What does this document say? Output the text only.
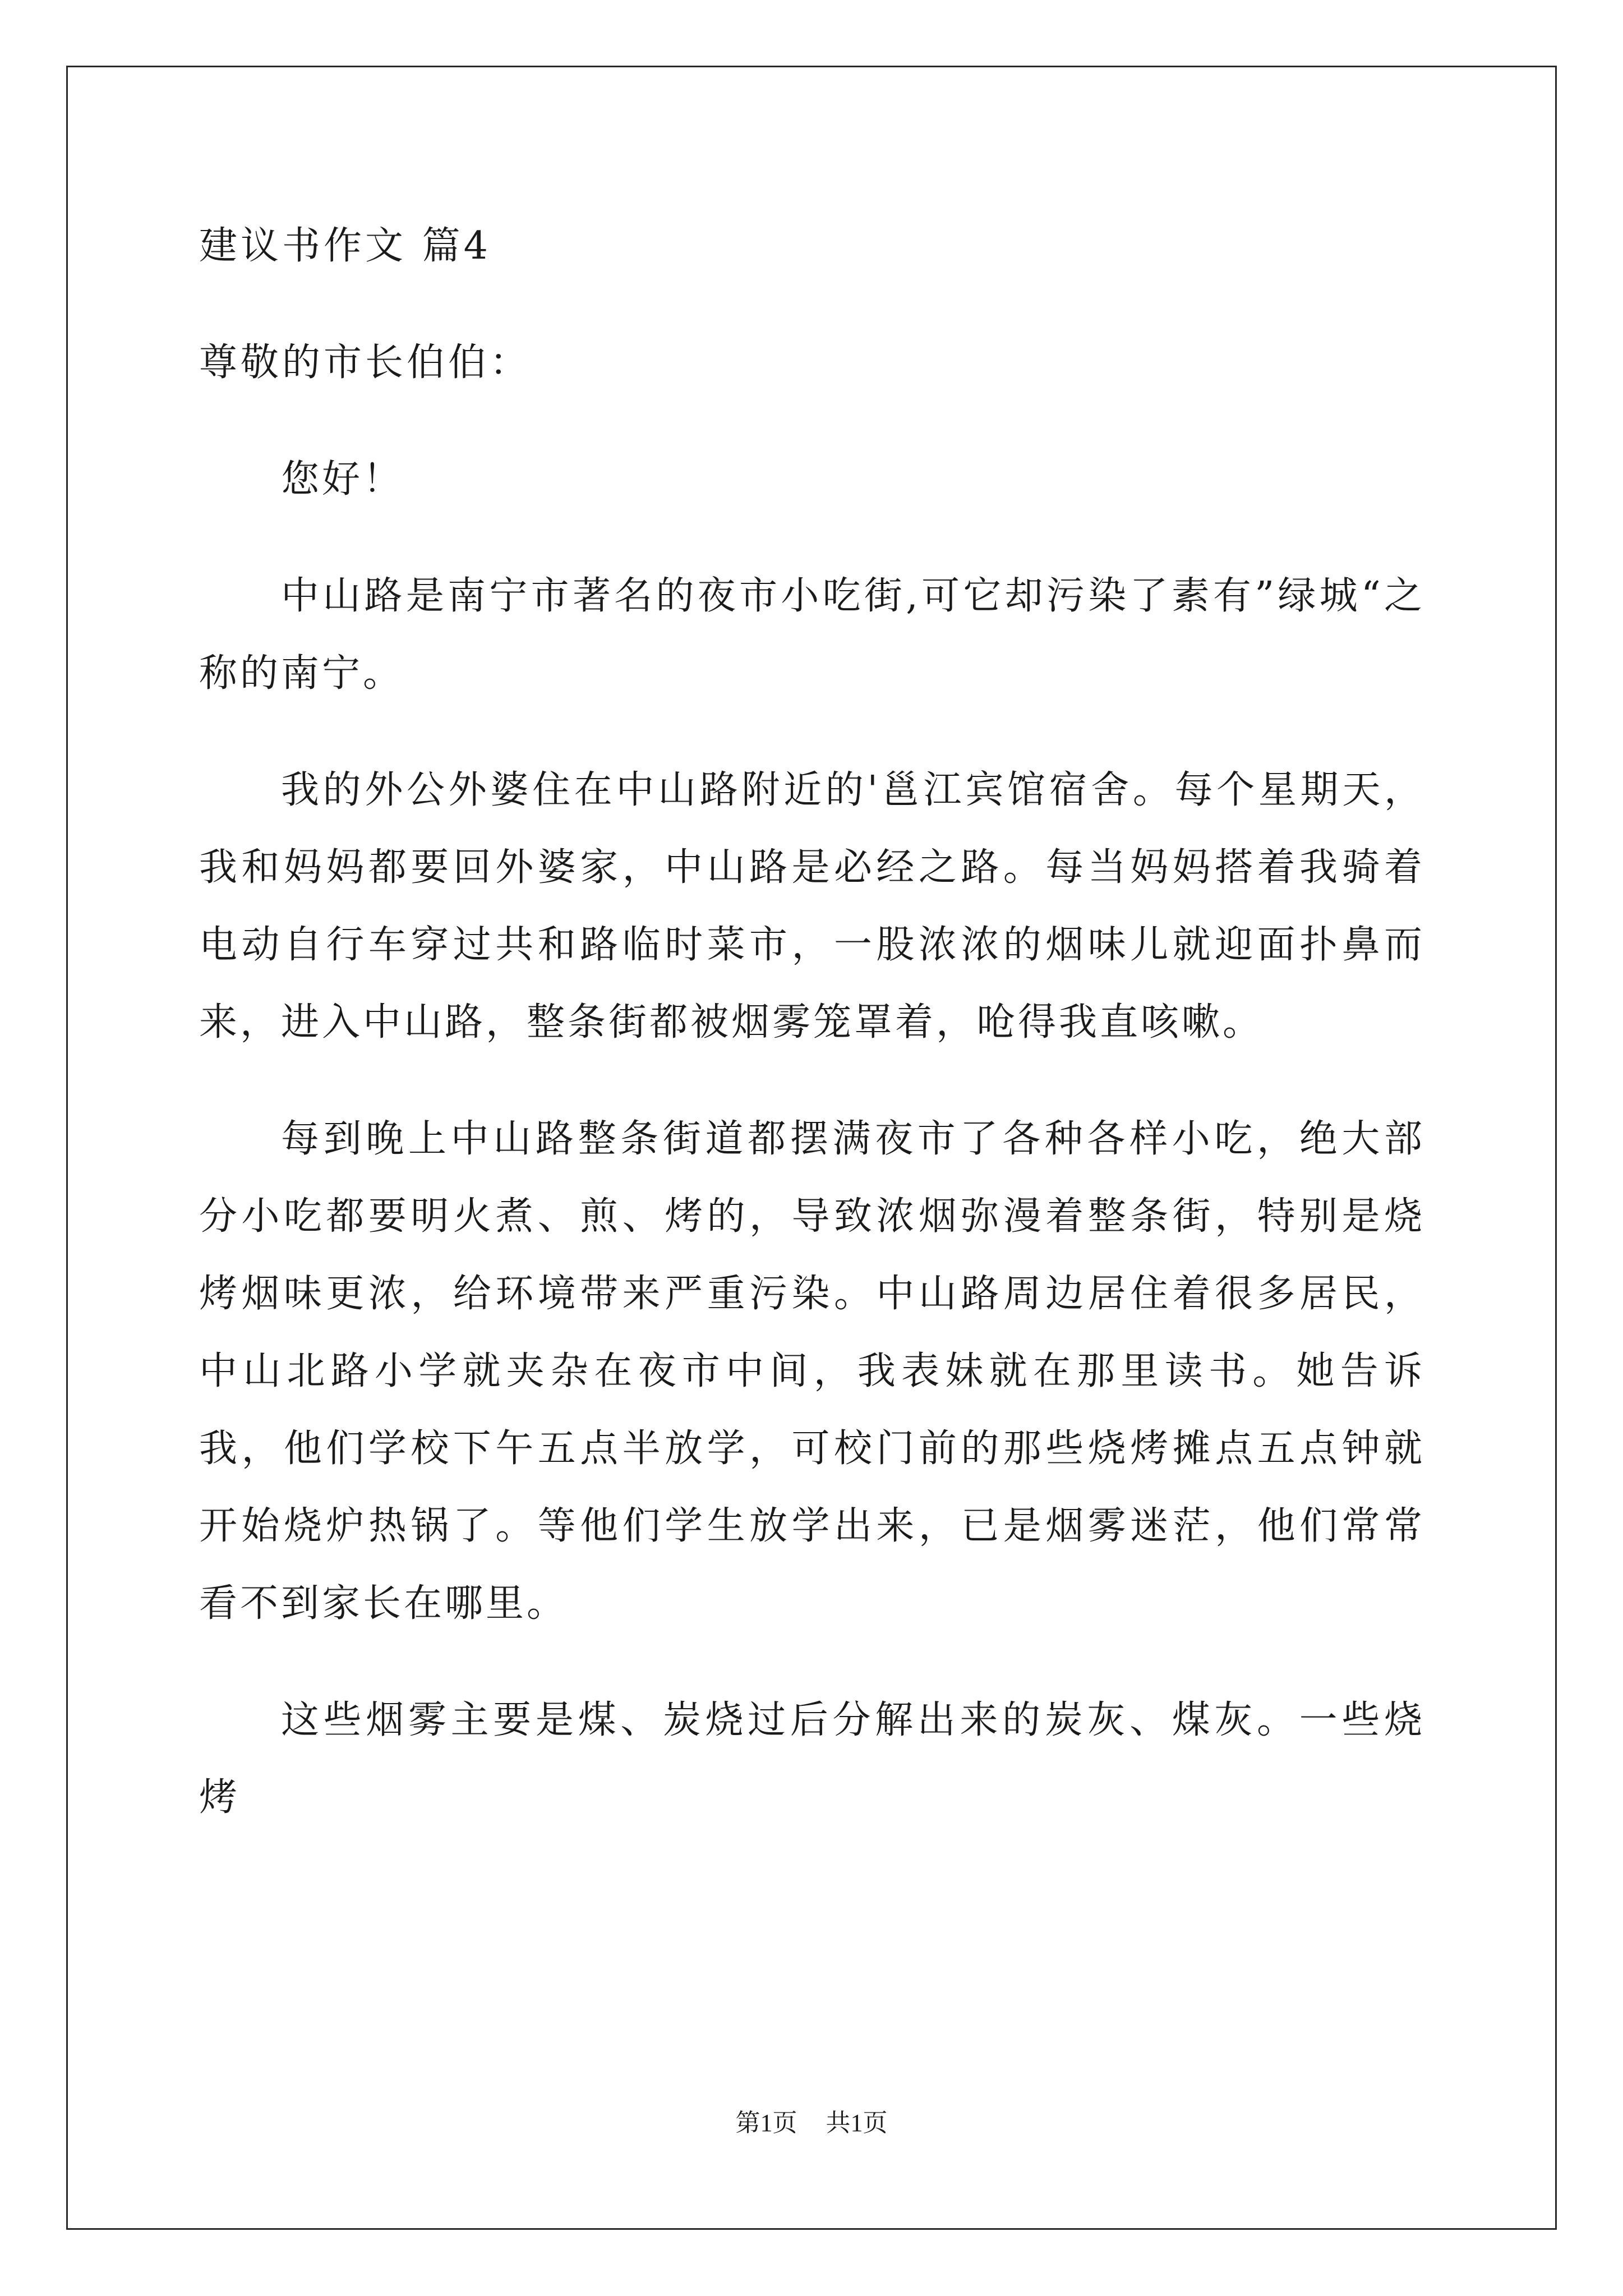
建议书作文 篇4
尊敬的市长伯伯：

您好！

中山路是南宁市著名的夜市小吃街,可它却污染了素有”绿城“之称的南宁。

我的外公外婆住在中山路附近的'邕江宾馆宿舍。每个星期天，我和妈妈都要回外婆家，中山路是必经之路。每当妈妈搭着我骑着电动自行车穿过共和路临时菜市，一股浓浓的烟味儿就迎面扑鼻而来，进入中山路，整条街都被烟雾笼罩着，呛得我直咳嗽。

每到晚上中山路整条街道都摆满夜市了各种各样小吃，绝大部分小吃都要明火煮、煎、烤的，导致浓烟弥漫着整条街，特别是烧烤烟味更浓，给环境带来严重污染。中山路周边居住着很多居民，中山北路小学就夹杂在夜市中间，我表妹就在那里读书。她告诉我，他们学校下午五点半放学，可校门前的那些烧烤摊点五点钟就开始烧炉热锅了。等他们学生放学出来，已是烟雾迷茫，他们常常看不到家长在哪里。

这些烟雾主要是煤、炭烧过后分解出来的炭灰、煤灰。一些烧烤

第1页 共1页
